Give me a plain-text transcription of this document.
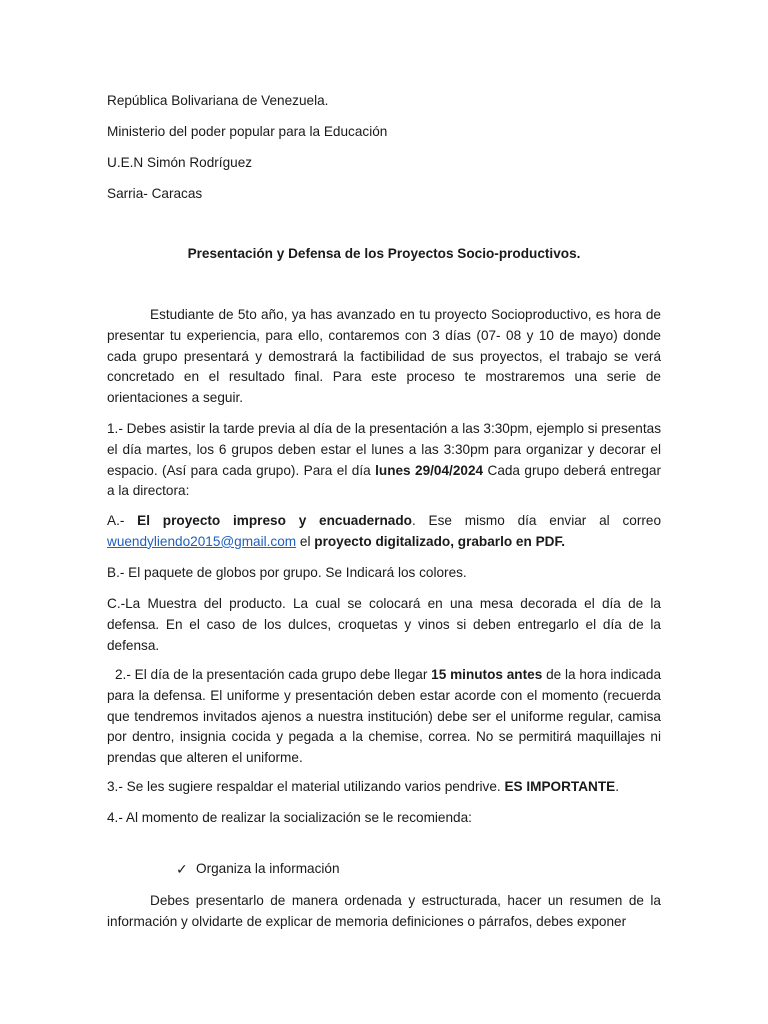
República Bolivariana de Venezuela.

Ministerio del poder popular para la Educación

U.E.N Simón Rodríguez

Sarria- Caracas

Presentación y Defensa de los Proyectos Socio-productivos.

Estudiante de 5to año, ya has avanzado en tu proyecto Socioproductivo, es hora de presentar tu experiencia, para ello, contaremos con 3 días (07- 08 y 10 de mayo) donde cada grupo presentará y demostrará la factibilidad de sus proyectos, el trabajo se verá concretado en el resultado final. Para este proceso te mostraremos una serie de orientaciones a seguir.

1.- Debes asistir la tarde previa al día de la presentación a las 3:30pm, ejemplo si presentas el día martes, los 6 grupos deben estar el lunes a las 3:30pm para organizar y decorar el espacio. (Así para cada grupo). Para el día lunes 29/04/2024 Cada grupo deberá entregar a la directora:

A.- El proyecto impreso y encuadernado. Ese mismo día enviar al correo wuendyliendo2015@gmail.com el proyecto digitalizado, grabarlo en PDF.

B.- El paquete de globos por grupo. Se Indicará los colores.

C.-La Muestra del producto. La cual se colocará en una mesa decorada el día de la defensa. En el caso de los dulces, croquetas y vinos si deben entregarlo el día de la defensa.

2.- El día de la presentación cada grupo debe llegar 15 minutos antes de la hora indicada para la defensa. El uniforme y presentación deben estar acorde con el momento (recuerda que tendremos invitados ajenos a nuestra institución) debe ser el uniforme regular, camisa por dentro, insignia cocida y pegada a la chemise, correa. No se permitirá maquillajes ni prendas que alteren el uniforme.

3.- Se les sugiere respaldar el material utilizando varios pendrive. ES IMPORTANTE.

4.- Al momento de realizar la socialización se le recomienda:

✓ Organiza la información

Debes presentarlo de manera ordenada y estructurada, hacer un resumen de la información y olvidarte de explicar de memoria definiciones o párrafos, debes exponer
